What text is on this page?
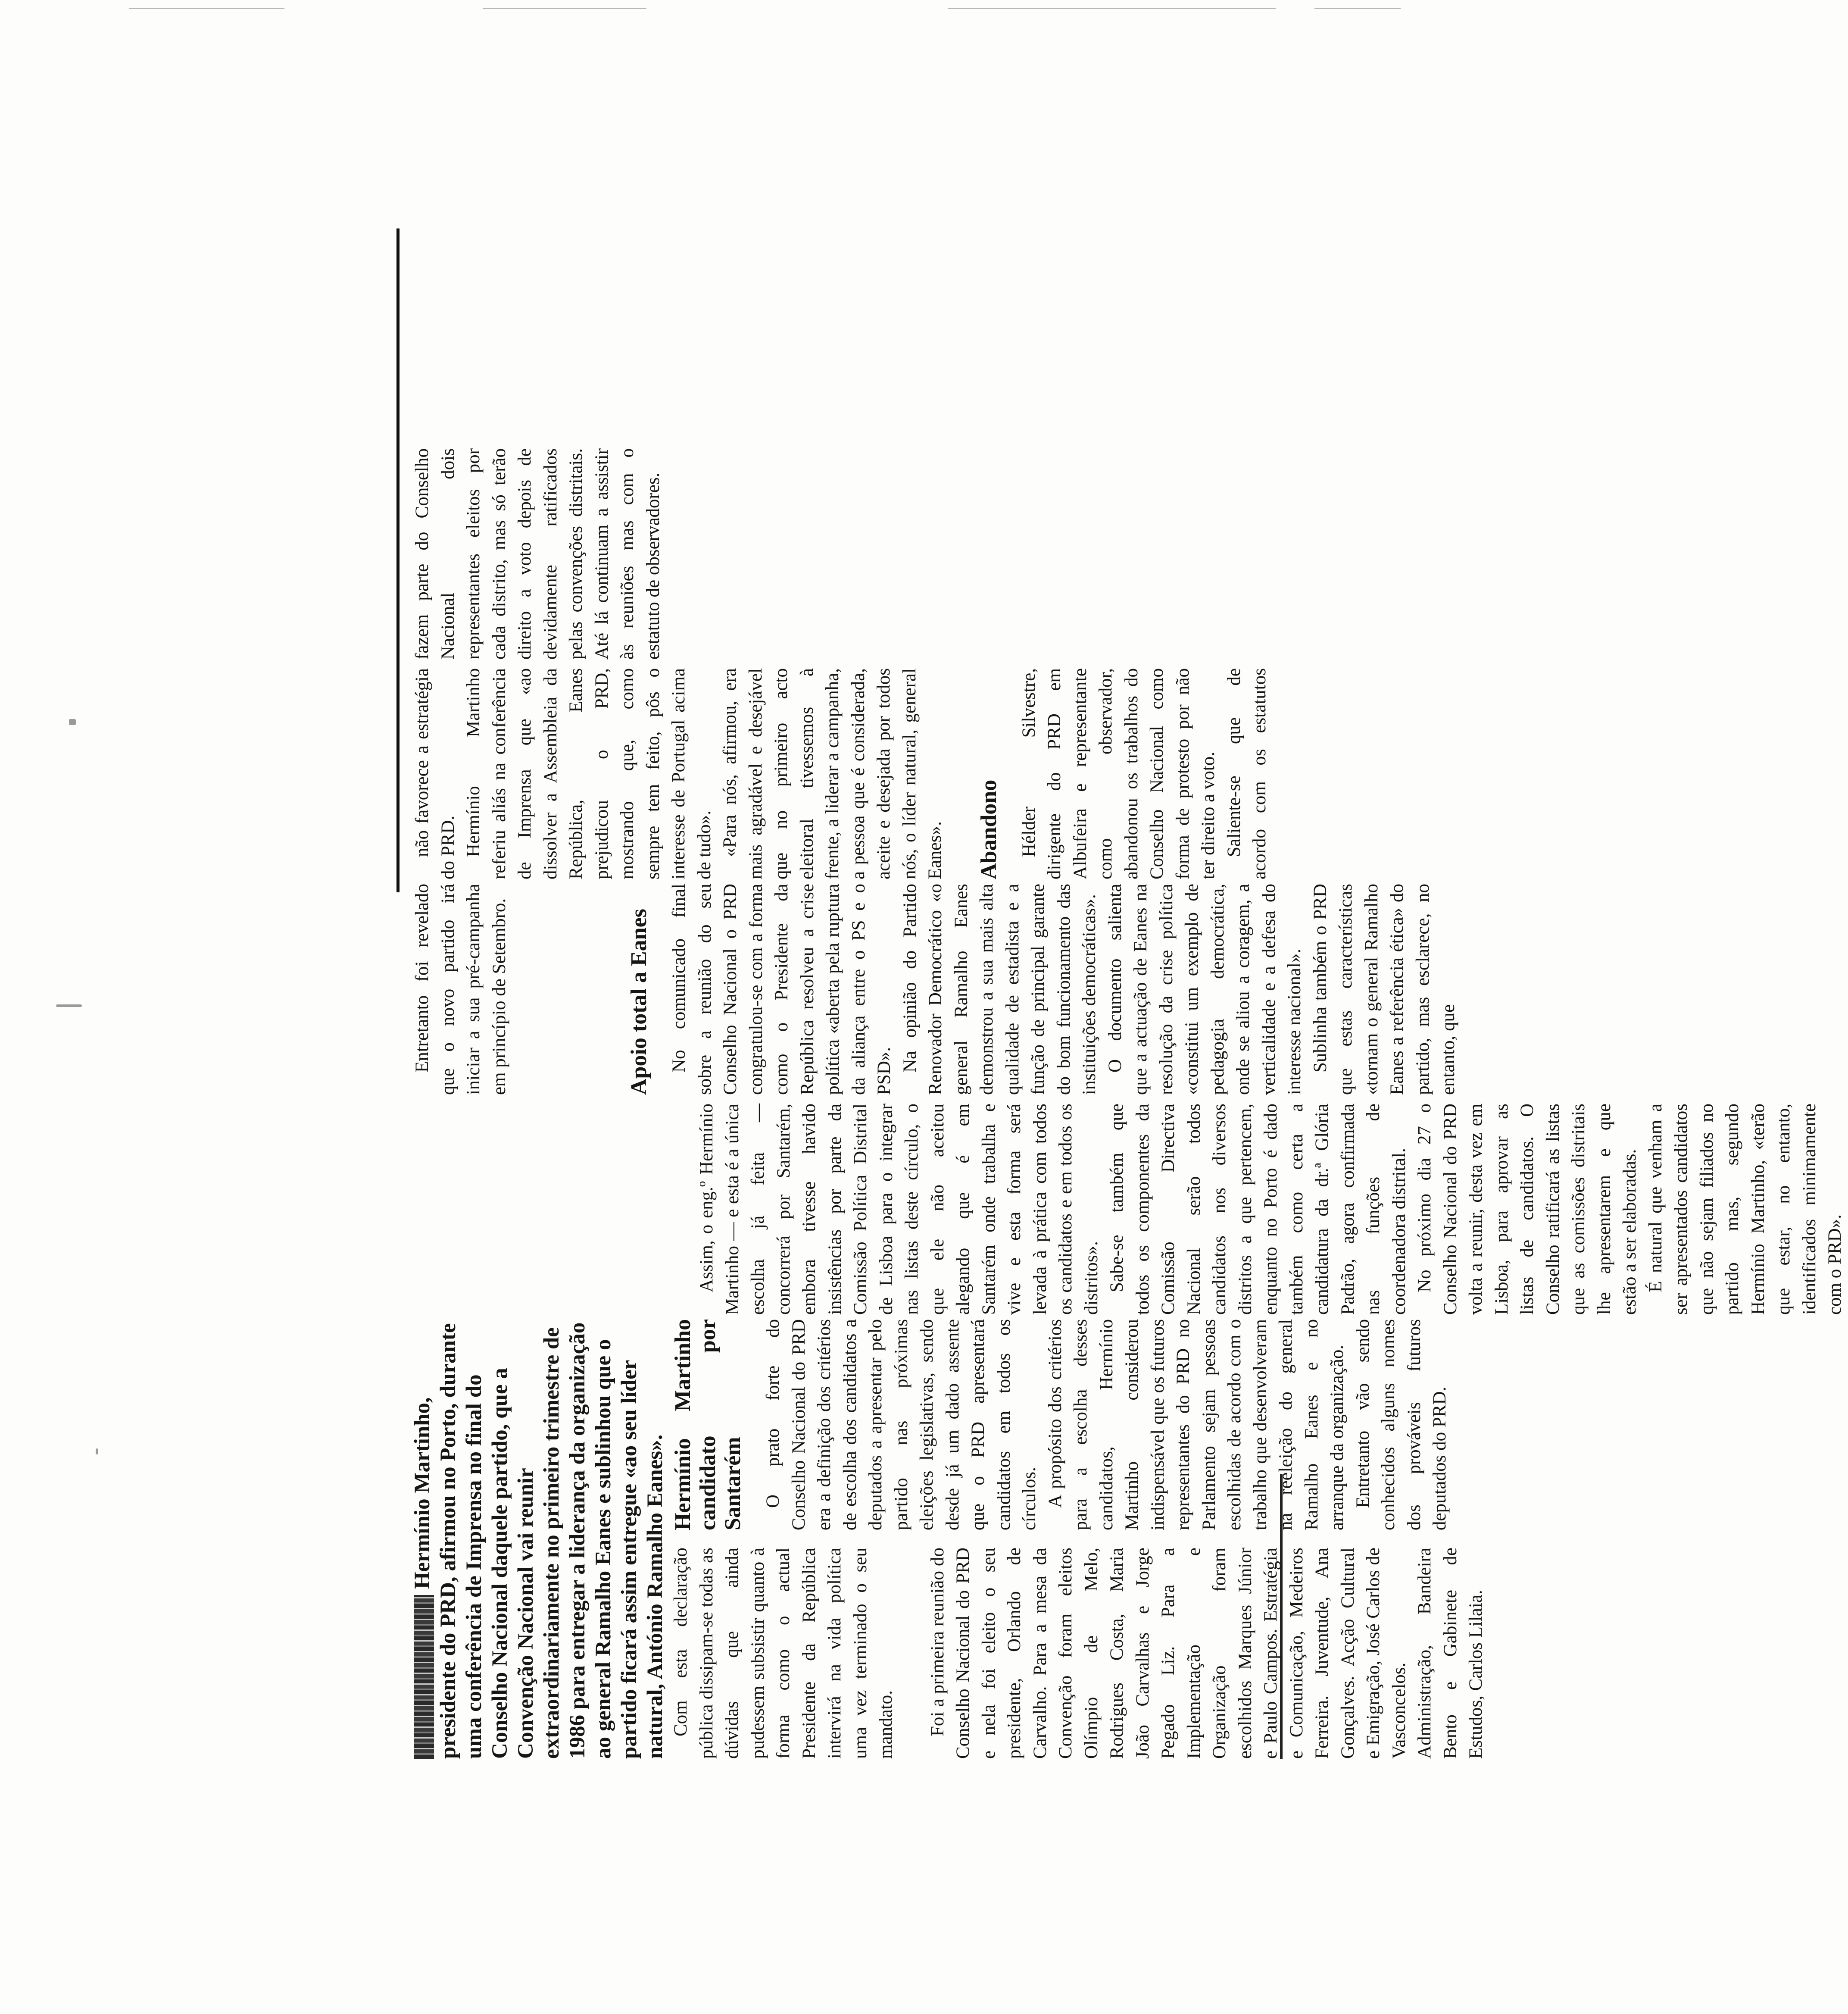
Hermínio Martinho, presidente do PRD, afirmou no Porto, durante uma conferência de Imprensa no final do Conselho Nacional daquele partido, que a Convenção Nacional vai reunir extraordinariamente no primeiro trimestre de 1986 para entregar a liderança da organização ao general Ramalho Eanes e sublinhou que o partido ficará assim entregue «ao seu líder natural, António Ramalho Eanes». Com esta declaração pública dissipam-se todas as dúvidas que ainda pudessem subsistir quanto à forma como o actual Presidente da República intervirá na vida política uma vez terminado o seu mandato. Foi a primeira reunião do Conselho Nacional do PRD e nela foi eleito o seu presidente, Orlando de Carvalho. Para a mesa da Convenção foram eleitos Olímpio de Melo, Rodrigues Costa, Maria João Carvalhas e Jorge Pegado Liz. Para a Implementação e Organização foram escolhidos Marques Júnior e Paulo Campos. Estratégia e Comunicação, Medeiros Ferreira. Juventude, Ana Gonçalves. Acção Cultural e Emigração, José Carlos de Vasconcelos. Administração, Bandeira Bento e Gabinete de Estudos, Carlos Lilaia.

Hermínio Martinho candidato por Santarém O prato forte do Conselho Nacional do PRD era a definição dos critérios de escolha dos candidatos a deputados a apresentar pelo partido nas próximas eleições legislativas, sendo desde já um dado assente que o PRD apresentará candidatos em todos os círculos. A propósito dos critérios para a escolha desses candidatos, Hermínio Martinho considerou indispensável que os futuros representantes do PRD no Parlamento sejam pessoas escolhidas de acordo com o trabalho que desenvolveram na reeleição do general Ramalho Eanes e no arranque da organização. Entretanto vão sendo conhecidos alguns nomes dos prováveis futuros deputados do PRD.

Assim, o eng.º Hermínio Martinho — e esta é a única escolha já feita — concorrerá por Santarém, embora tivesse havido insistências por parte da Comissão Política Distrital de Lisboa para o integrar nas listas deste círculo, o que ele não aceitou alegando que é em Santarém onde trabalha e vive e esta forma será levada à prática com todos os candidatos e em todos os distritos». Sabe-se também que todos os componentes da Comissão Directiva Nacional serão todos candidatos nos diversos distritos a que pertencem, enquanto no Porto é dado também como certa a candidatura da dr.ª Glória Padrão, agora confirmada nas funções de coordenadora distrital. No próximo dia 27 o Conselho Nacional do PRD volta a reunir, desta vez em Lisboa, para aprovar as listas de candidatos. O Conselho ratificará as listas que as comissões distritais lhe apresentarem e que estão a ser elaboradas. É natural que venham a ser apresentados candidatos que não sejam filiados no partido mas, segundo Hermínio Martinho, «terão que estar, no entanto, identificados minimamente com o PRD».

Entretanto foi revelado que o novo partido irá iniciar a sua pré-campanha em princípio de Setembro.	Apoio total a Eanes No comunicado final sobre a reunião do seu Conselho Nacional o PRD congratulou-se com a forma como o Presidente da República resolveu a crise política «aberta pela ruptura da aliança entre o PS e o PSD». Na opinião do Partido Renovador Democrático «o general Ramalho Eanes demonstrou a sua mais alta qualidade de estadista e a função de principal garante do bom funcionamento das instituições democráticas». O documento salienta que a actuação de Eanes na resolução da crise política «constitui um exemplo de pedagogia democrática, onde se aliou a coragem, a verticalidade e a defesa do interesse nacional». Sublinha também o PRD que estas características «tornam o general Ramalho Eanes a referência ética» do partido, mas esclarece, no entanto, que

não favorece a estratégia do PRD. Hermínio Martinho referiu aliás na conferência de Imprensa que «ao dissolver a Assembleia da República, Eanes prejudicou o PRD, mostrando que, como sempre tem feito, pôs o interesse de Portugal acima de tudo». «Para nós, afirmou, era mais agradável e desejável que no primeiro acto eleitoral tivessemos à frente, a liderar a campanha, a pessoa que é considerada, aceite e desejada por todos nós, o líder natural, general Eanes». Abandono Hélder Silvestre, dirigente do PRD em Albufeira e representante como observador, abandonou os trabalhos do Conselho Nacional como forma de protesto por não ter direito a voto. Saliente-se que de acordo com os estatutos fazem parte do Conselho Nacional dois representantes eleitos por cada distrito, mas só terão direito a voto depois de devidamente ratificados pelas convenções distritais. Até lá continuam a assistir às reuniões mas com o estatuto de observadores.
